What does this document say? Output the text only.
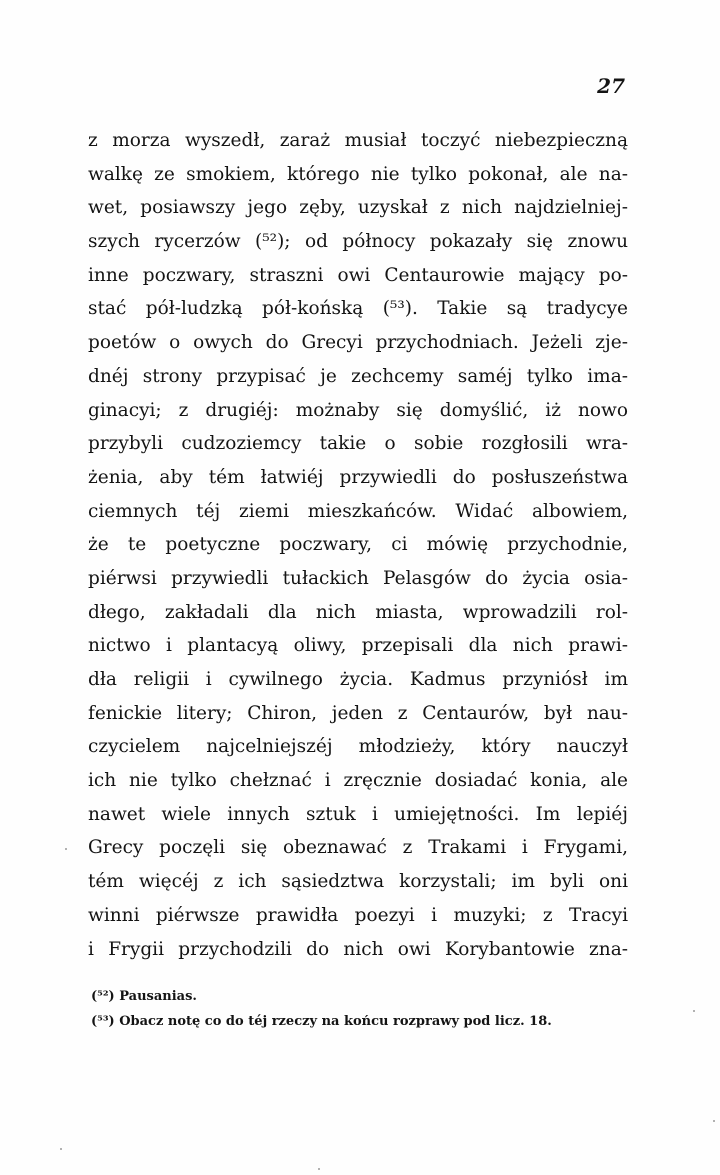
27
z morza wyszedł, zaraż musiał toczyć niebezpieczną
walkę ze smokiem, którego nie tylko pokonał, ale na-
wet, posiawszy jego zęby, uzyskał z nich najdzielniej-
szych rycerzów (⁵²); od północy pokazały się znowu
inne poczwary, straszni owi Centaurowie mający po-
stać pół-ludzką pół-końską (⁵³). Takie są tradycye
poetów o owych do Grecyi przychodniach. Jeżeli zje-
dnéj strony przypisać je zechcemy saméj tylko ima-
ginacyi; z drugiéj: możnaby się domyślić, iż nowo
przybyli cudzoziemcy takie o sobie rozgłosili wra-
żenia, aby tém łatwiéj przywiedli do posłuszeństwa
ciemnych téj ziemi mieszkańców. Widać albowiem,
że te poetyczne poczwary, ci mówię przychodnie,
piérwsi przywiedli tułackich Pelasgów do życia osia-
dłego, zakładali dla nich miasta, wprowadzili rol-
nictwo i plantacyą oliwy, przepisali dla nich prawi-
dła religii i cywilnego życia. Kadmus przyniósł im
fenickie litery; Chiron, jeden z Centaurów, był nau-
czycielem najcelniejszéj młodzieży, który nauczył
ich nie tylko chełznać i zręcznie dosiadać konia, ale
nawet wiele innych sztuk i umiejętności. Im lepiéj
Grecy poczęli się obeznawać z Trakami i Frygami,
tém więcéj z ich sąsiedztwa korzystali; im byli oni
winni piérwsze prawidła poezyi i muzyki; z Tracyi
i Frygii przychodzili do nich owi Korybantowie zna-
(⁵²) Pausanias.
(⁵³) Obacz notę co do téj rzeczy na końcu rozprawy pod licz. 18.
